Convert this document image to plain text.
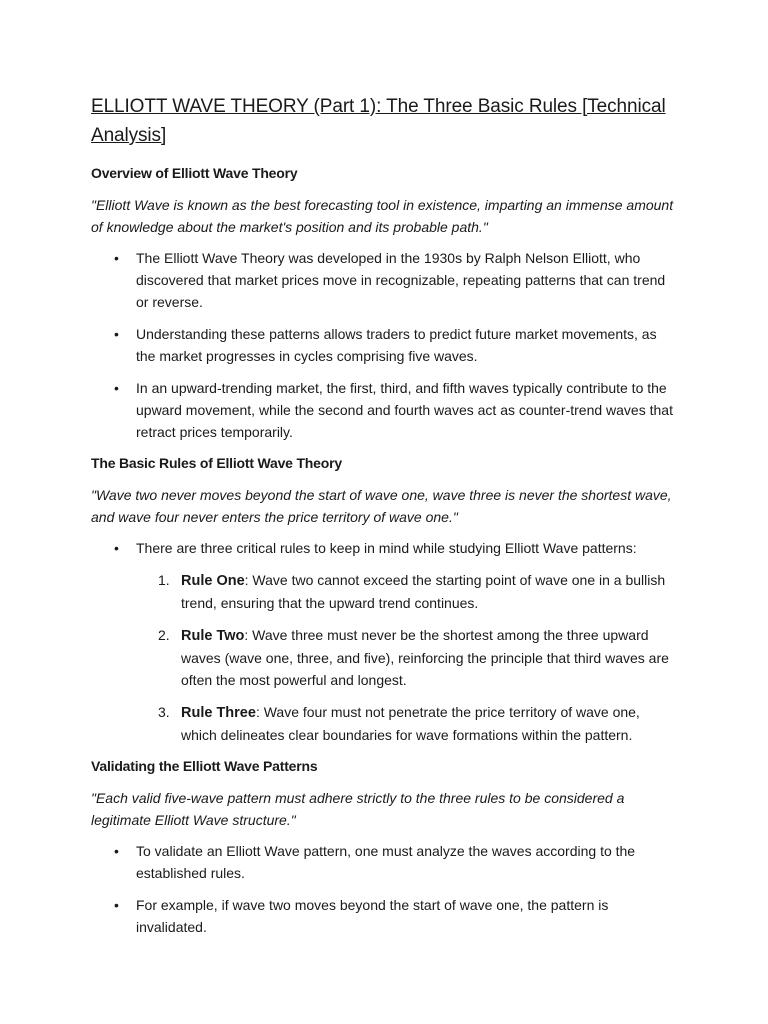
ELLIOTT WAVE THEORY (Part 1): The Three Basic Rules [Technical Analysis]
Overview of Elliott Wave Theory

"Elliott Wave is known as the best forecasting tool in existence, imparting an immense amount of knowledge about the market's position and its probable path."

• The Elliott Wave Theory was developed in the 1930s by Ralph Nelson Elliott, who discovered that market prices move in recognizable, repeating patterns that can trend or reverse.
• Understanding these patterns allows traders to predict future market movements, as the market progresses in cycles comprising five waves.
• In an upward-trending market, the first, third, and fifth waves typically contribute to the upward movement, while the second and fourth waves act as counter-trend waves that retract prices temporarily.
The Basic Rules of Elliott Wave Theory

"Wave two never moves beyond the start of wave one, wave three is never the shortest wave, and wave four never enters the price territory of wave one."

• There are three critical rules to keep in mind while studying Elliott Wave patterns:
1. Rule One: Wave two cannot exceed the starting point of wave one in a bullish trend, ensuring that the upward trend continues.
2. Rule Two: Wave three must never be the shortest among the three upward waves (wave one, three, and five), reinforcing the principle that third waves are often the most powerful and longest.
3. Rule Three: Wave four must not penetrate the price territory of wave one, which delineates clear boundaries for wave formations within the pattern.
Validating the Elliott Wave Patterns

"Each valid five-wave pattern must adhere strictly to the three rules to be considered a legitimate Elliott Wave structure."

• To validate an Elliott Wave pattern, one must analyze the waves according to the established rules.
• For example, if wave two moves beyond the start of wave one, the pattern is invalidated.
